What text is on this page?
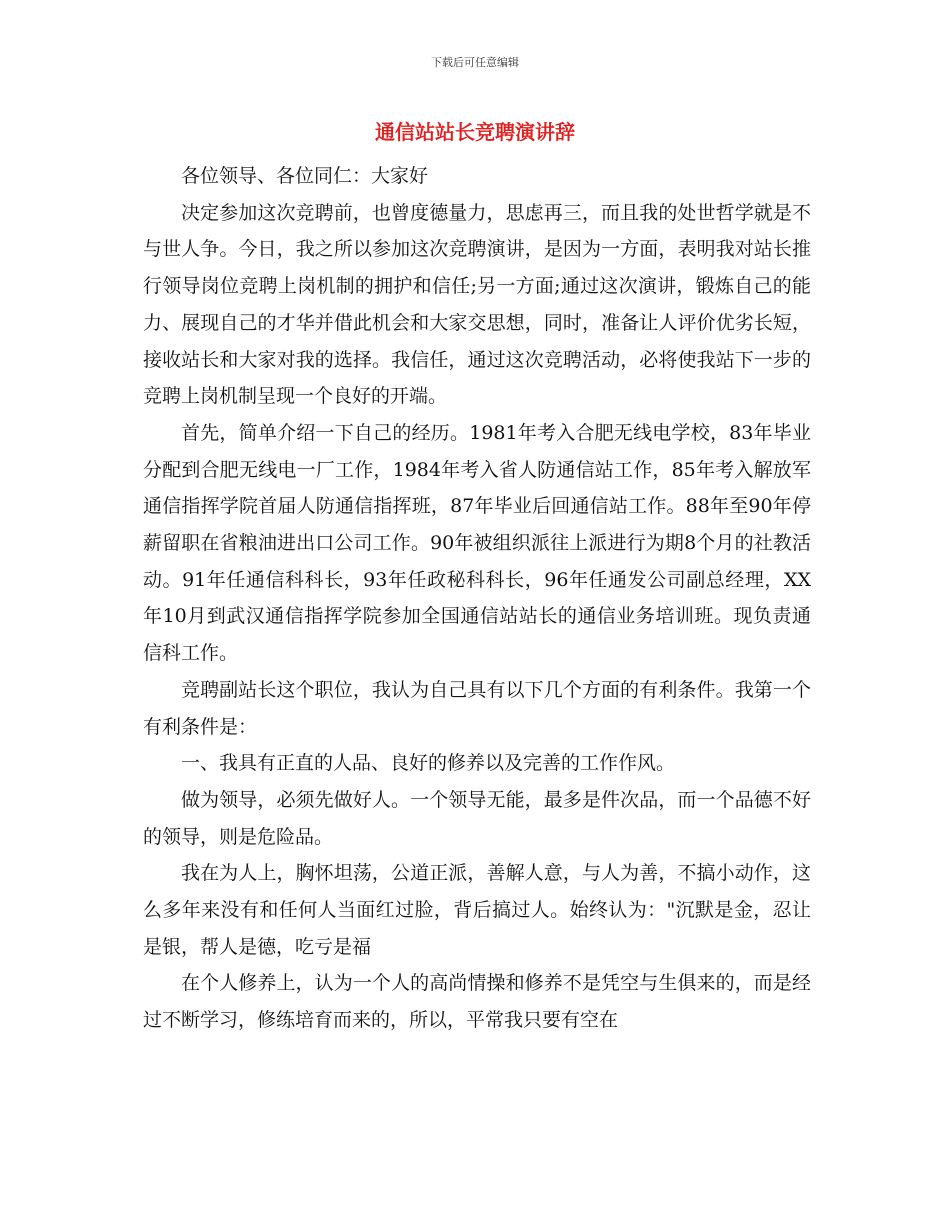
下载后可任意编辑
通信站站长竞聘演讲辞

各位领导、各位同仁：大家好

决定参加这次竞聘前，也曾度德量力，思虑再三，而且我的处世哲学就是不与世人争。今日，我之所以参加这次竞聘演讲，是因为一方面，表明我对站长推行领导岗位竞聘上岗机制的拥护和信任;另一方面;通过这次演讲，锻炼自己的能力、展现自己的才华并借此机会和大家交思想，同时，准备让人评价优劣长短，接收站长和大家对我的选择。我信任，通过这次竞聘活动，必将使我站下一步的竞聘上岗机制呈现一个良好的开端。

首先，简单介绍一下自己的经历。1981年考入合肥无线电学校，83年毕业分配到合肥无线电一厂工作，1984年考入省人防通信站工作，85年考入解放军通信指挥学院首届人防通信指挥班，87年毕业后回通信站工作。88年至90年停薪留职在省粮油进出口公司工作。90年被组织派往上派进行为期8个月的社教活动。91年任通信科科长，93年任政秘科科长，96年任通发公司副总经理，XX年10月到武汉通信指挥学院参加全国通信站站长的通信业务培训班。现负责通信科工作。

竞聘副站长这个职位，我认为自己具有以下几个方面的有利条件。我第一个有利条件是：

一、我具有正直的人品、良好的修养以及完善的工作作风。

做为领导，必须先做好人。一个领导无能，最多是件次品，而一个品德不好的领导，则是危险品。

我在为人上，胸怀坦荡，公道正派，善解人意，与人为善，不搞小动作，这么多年来没有和任何人当面红过脸，背后搞过人。始终认为："沉默是金，忍让是银，帮人是德，吃亏是福

在个人修养上，认为一个人的高尚情操和修养不是凭空与生俱来的，而是经过不断学习，修练培育而来的，所以，平常我只要有空在
